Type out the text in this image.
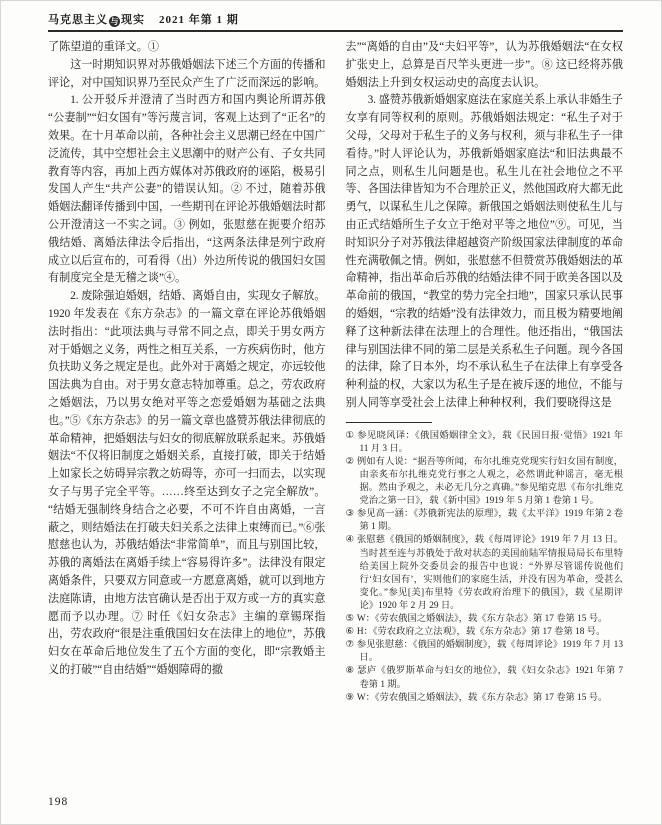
马克思主义 与 现实 2021 年第 1 期

了陈望道的重译文。①

这一时期知识界对苏俄婚姻法下述三个方面的传播和评论，对中国知识界乃至民众产生了广泛而深远的影响。

1. 公开驳斥并澄清了当时西方和国内舆论所谓苏俄“公妻制”“妇女国有”等污蔑言词，客观上达到了“正名”的效果。在十月革命以前，各种社会主义思潮已经在中国广泛流传，其中空想社会主义思潮中的财产公有、子女共同教育等内容，再加上西方媒体对苏俄政府的诬陷，极易引发国人产生“共产公妻”的错误认知。② 不过，随着苏俄婚姻法翻译传播到中国，一些期刊在评论苏俄婚姻法时都公开澄清这一不实之词。③ 例如，张慰慈在扼要介绍苏俄结婚、离婚法律法令后指出，“这两条法律是列宁政府成立以后宣布的，可看得（出）外边所传说的俄国妇女国有制度完全是无稽之谈”④。

2. 废除强迫婚姻，结婚、离婚自由，实现女子解放。1920 年发表在《东方杂志》的一篇文章在评论苏俄婚姻法时指出：“此项法典与寻常不同之点，即关于男女两方对于婚姻之义务，两性之相互关系，一方疾病伤时，他方负扶助义务之规定是也。此外对于离婚之规定，亦远较他国法典为自由。对于男女意志特加尊重。总之，劳农政府之婚姻法，乃以男女绝对平等之恋爱婚姻为基础之法典也。”⑤《东方杂志》的另一篇文章也盛赞苏俄法律彻底的革命精神，把婚姻法与妇女的彻底解放联系起来。苏俄婚姻法“不仅将旧制度之婚姻关系，直接打破，即关于结婚上如家长之妨碍异宗教之妨碍等，亦可一扫而去，以实现女子与男子完全平等。……终至达到女子之完全解放”。“结婚无强制终身结合之必要，不可不许自由离婚，一言蔽之，则结婚法在打破夫妇关系之法律上束缚而已。”⑥张慰慈也认为，苏俄结婚法“非常简单”，而且与别国比较，苏俄的离婚法在离婚手续上“容易得许多”。法律没有限定离婚条件，只要双方同意或一方愿意离婚，就可以到地方法庭陈请，由地方法官确认是否出于双方或一方的真实意愿而予以办理。⑦ 时任《妇女杂志》主编的章锡琛指出，劳农政府“很是注重俄国妇女在法律上的地位”，苏俄妇女在革命后地位发生了五个方面的变化，即“宗教婚主义的打破”“自由结婚”“婚姻障碍的撤

去”“离婚的自由”及“夫妇平等”，认为苏俄婚姻法“在女权扩张史上，总算是百尺竿头更进一步”。⑧ 这已经将苏俄婚姻法上升到女权运动史的高度去认识。

3. 盛赞苏俄新婚姻家庭法在家庭关系上承认非婚生子女享有同等权利的原则。苏俄婚姻法规定：“私生子对于父母，父母对于私生子的义务与权利，须与非私生子一律看待。”时人评论认为，苏俄新婚姻家庭法“和旧法典最不同之点，则私生儿问题是也。私生儿在社会地位之不平等、各国法律皆知为不合理於正义，然他国政府大都无此勇气，以谋私生儿之保障。新俄国之婚姻法则使私生儿与由正式结婚所生子女立于绝对平等之地位”⑨。可见，当时知识分子对苏俄法律超越资产阶级国家法律制度的革命性充满敬佩之情。例如，张慰慈不但赞赏苏俄婚姻法的革命精神，指出革命后苏俄的结婚法律不同于欧美各国以及革命前的俄国，“教堂的势力完全扫地”，国家只承认民事的婚姻，“宗教的结婚”没有法律效力，而且极为精要地阐释了这种新法律在法理上的合理性。他还指出，“俄国法律与别国法律不同的第二层是关系私生子问题。现今各国的法律，除了日本外，均不承认私生子在法律上有享受各种利益的权，大家以为私生子是在被斥逐的地位，不能与别人同等享受社会上法律上种种权利，我们要晓得这是

① 参见晓风译：《俄国婚姻律全文》，载《民国日报·觉悟》1921 年 11 月 3 日。

② 例如有人说：“据吾等所闻，布尔扎维克党现实行妇女国有制度，由亲炙布尔扎维克党行事之人观之，必然谓此种谣言，毫无根据。然由予观之，未必无几分之真确。”参见缩克思《布尔扎维克党治之第一日》，载《新中国》1919 年 5 月第 1 卷第 1 号。

③ 参见高一涵：《苏俄新宪法的原理》，载《太平洋》1919 年第 2 卷第 1 期。

④ 张慰慈《俄国的婚姻制度》，载《每周评论》1919 年 7 月 13 日。当时甚至连与苏俄处于敌对状态的美国前陆军情报局局长布里特给美国上院外交委员会的报告中也说：“外界尽管谣传说他们行‘妇女国有’，实则他们的家庭生活，并没有因为革命，受甚么变化。”参见[美]布里特《劳农政府治理下的俄国》，载《星期评论》1920 年 2 月 29 日。

⑤ W：《劳农俄国之婚姻法》，载《东方杂志》第 17 卷第 15 号。

⑥ H：《劳农政府之立法观》，载《东方杂志》第 17 卷第 18 号。

⑦ 参见张慰慈：《俄国的婚姻制度》，载《每周评论》1919 年 7 月 13 日。

⑧ 瑟庐《俄罗斯革命与妇女的地位》，载《妇女杂志》1921 年第 7 卷第 1 期。

⑨ W：《劳农俄国之婚姻法》，载《东方杂志》第 17 卷第 15 号。

198
